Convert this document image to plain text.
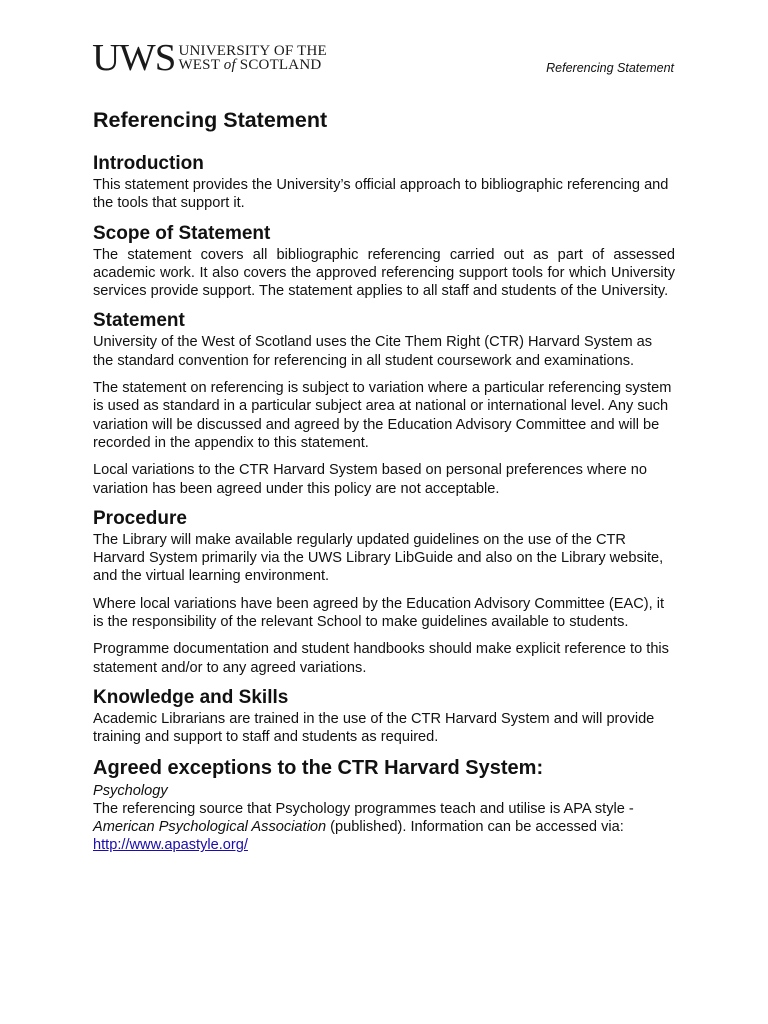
UWS UNIVERSITY OF THE
WEST of SCOTLAND	Referencing Statement
Referencing Statement
Introduction

This statement provides the University’s official approach to bibliographic referencing and the tools that support it.

Scope of Statement

The statement covers all bibliographic referencing carried out as part of assessed academic work. It also covers the approved referencing support tools for which University services provide support. The statement applies to all staff and students of the University.

Statement

University of the West of Scotland uses the Cite Them Right (CTR) Harvard System as the standard convention for referencing in all student coursework and examinations.

The statement on referencing is subject to variation where a particular referencing system is used as standard in a particular subject area at national or international level. Any such variation will be discussed and agreed by the Education Advisory Committee and will be recorded in the appendix to this statement.

Local variations to the CTR Harvard System based on personal preferences where no variation has been agreed under this policy are not acceptable.

Procedure

The Library will make available regularly updated guidelines on the use of the CTR Harvard System primarily via the UWS Library LibGuide and also on the Library website, and the virtual learning environment.

Where local variations have been agreed by the Education Advisory Committee (EAC), it is the responsibility of the relevant School to make guidelines available to students.

Programme documentation and student handbooks should make explicit reference to this statement and/or to any agreed variations.

Knowledge and Skills

Academic Librarians are trained in the use of the CTR Harvard System and will provide training and support to staff and students as required.

Agreed exceptions to the CTR Harvard System:

Psychology

The referencing source that Psychology programmes teach and utilise is APA style - American Psychological Association (published). Information can be accessed via:
http://www.apastyle.org/
